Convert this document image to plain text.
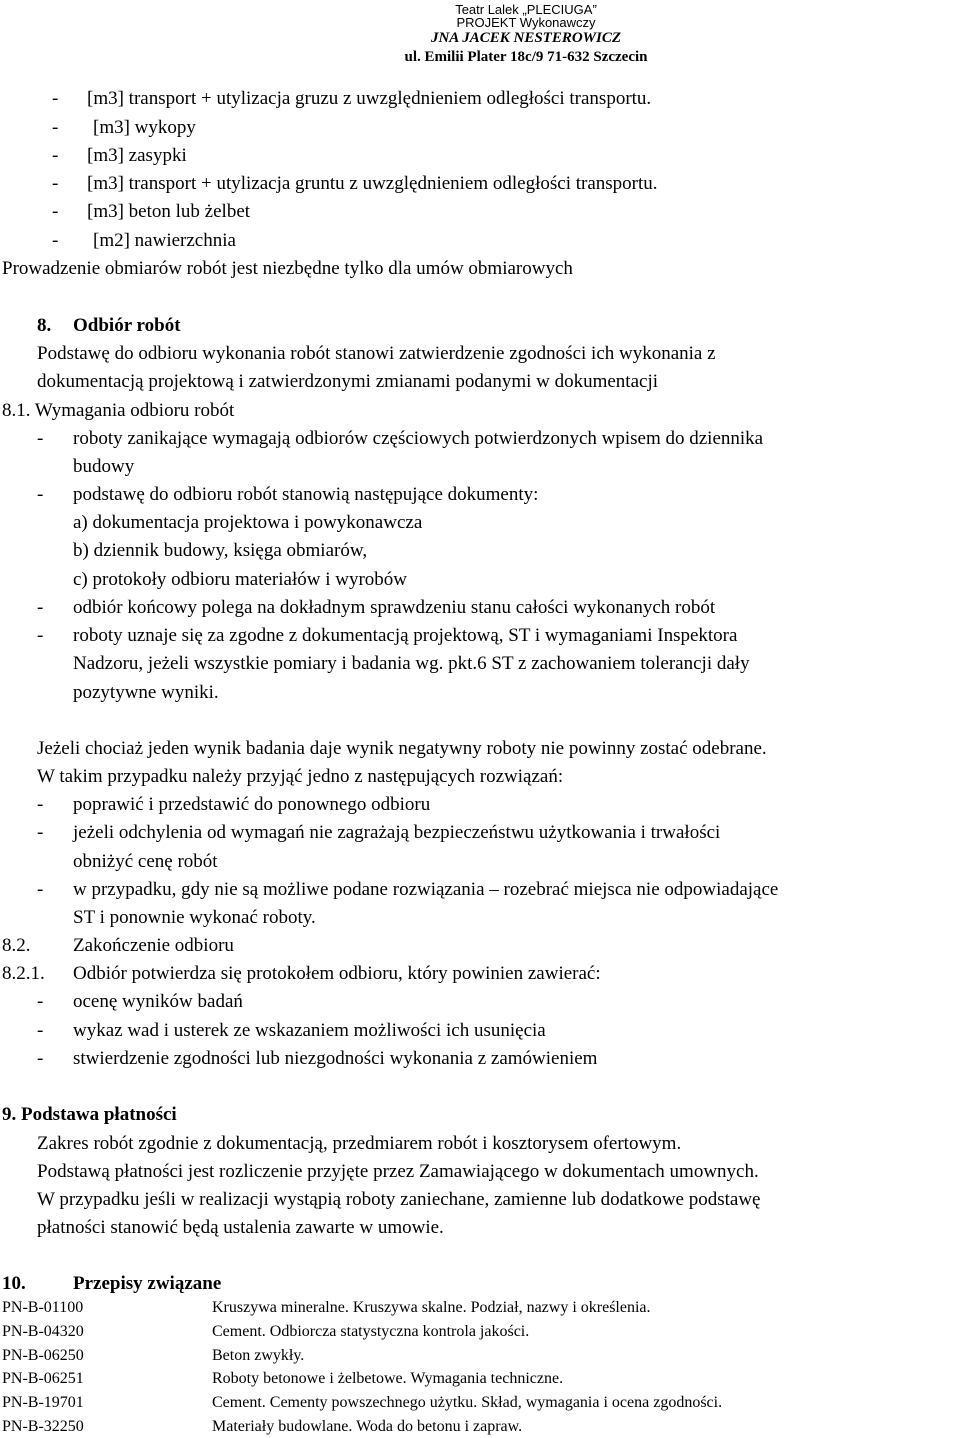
Teatr Lalek „PLECIUGA”
PROJEKT Wykonawczy
JNA JACEK NESTEROWICZ
ul. Emilii Plater 18c/9 71-632 Szczecin
- [m3] transport + utylizacja gruzu z uwzględnieniem odległości transportu.
- [m3] wykopy
- [m3] zasypki
- [m3] transport + utylizacja gruntu z uwzględnieniem odległości transportu.
- [m3] beton lub żelbet
- [m2] nawierzchnia
Prowadzenie obmiarów robót jest niezbędne tylko dla umów obmiarowych
8. Odbiór robót
Podstawę do odbioru wykonania robót stanowi zatwierdzenie zgodności ich wykonania z
dokumentacją projektową i zatwierdzonymi zmianami podanymi w dokumentacji
8.1. Wymagania odbioru robót
- roboty zanikające wymagają odbiorów częściowych potwierdzonych wpisem do dziennika
budowy
- podstawę do odbioru robót stanowią następujące dokumenty:
a) dokumentacja projektowa i powykonawcza
b) dziennik budowy, księga obmiarów,
c) protokoły odbioru materiałów i wyrobów
- odbiór końcowy polega na dokładnym sprawdzeniu stanu całości wykonanych robót
- roboty uznaje się za zgodne z dokumentacją projektową, ST i wymaganiami Inspektora
Nadzoru, jeżeli wszystkie pomiary i badania wg. pkt.6 ST z zachowaniem tolerancji dały
pozytywne wyniki.
Jeżeli chociaż jeden wynik badania daje wynik negatywny roboty nie powinny zostać odebrane.
W takim przypadku należy przyjąć jedno z następujących rozwiązań:
- poprawić i przedstawić do ponownego odbioru
- jeżeli odchylenia od wymagań nie zagrażają bezpieczeństwu użytkowania i trwałości
obniżyć cenę robót
- w przypadku, gdy nie są możliwe podane rozwiązania – rozebrać miejsca nie odpowiadające
ST i ponownie wykonać roboty.
8.2. Zakończenie odbioru
8.2.1. Odbiór potwierdza się protokołem odbioru, który powinien zawierać:
- ocenę wyników badań
- wykaz wad i usterek ze wskazaniem możliwości ich usunięcia
- stwierdzenie zgodności lub niezgodności wykonania z zamówieniem
9. Podstawa płatności
Zakres robót zgodnie z dokumentacją, przedmiarem robót i kosztorysem ofertowym.
Podstawą płatności jest rozliczenie przyjęte przez Zamawiającego w dokumentach umownych.
W przypadku jeśli w realizacji wystąpią roboty zaniechane, zamienne lub dodatkowe podstawę
płatności stanowić będą ustalenia zawarte w umowie.
10. Przepisy związane
PN-B-01100	Kruszywa mineralne. Kruszywa skalne. Podział, nazwy i określenia.
PN-B-04320	Cement. Odbiorcza statystyczna kontrola jakości.
PN-B-06250	Beton zwykły.
PN-B-06251	Roboty betonowe i żelbetowe. Wymagania techniczne.
PN-B-19701	Cement. Cementy powszechnego użytku. Skład, wymagania i ocena zgodności.
PN-B-32250	Materiały budowlane. Woda do betonu i zapraw.
